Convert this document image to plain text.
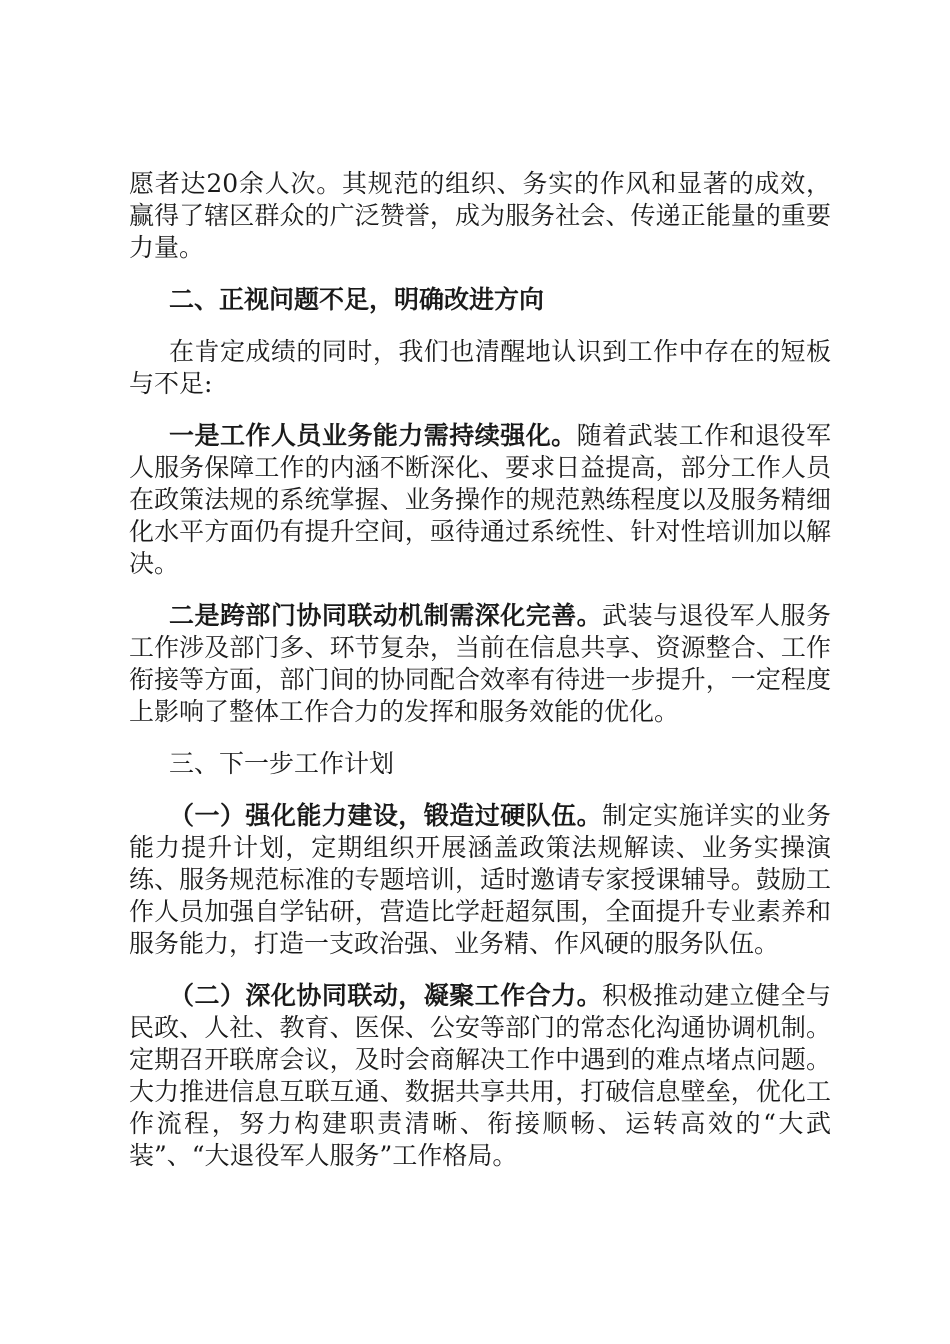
愿者达20余人次。其规范的组织、务实的作风和显著的成效，赢得了辖区群众的广泛赞誉，成为服务社会、传递正能量的重要力量。

二、正视问题不足，明确改进方向

在肯定成绩的同时，我们也清醒地认识到工作中存在的短板与不足:

一是工作人员业务能力需持续强化。随着武装工作和退役军人服务保障工作的内涵不断深化、要求日益提高，部分工作人员在政策法规的系统掌握、业务操作的规范熟练程度以及服务精细化水平方面仍有提升空间，亟待通过系统性、针对性培训加以解决。

二是跨部门协同联动机制需深化完善。武装与退役军人服务工作涉及部门多、环节复杂，当前在信息共享、资源整合、工作衔接等方面，部门间的协同配合效率有待进一步提升，一定程度上影响了整体工作合力的发挥和服务效能的优化。

三、下一步工作计划

（一）强化能力建设，锻造过硬队伍。制定实施详实的业务能力提升计划，定期组织开展涵盖政策法规解读、业务实操演练、服务规范标准的专题培训，适时邀请专家授课辅导。鼓励工作人员加强自学钻研，营造比学赶超氛围，全面提升专业素养和服务能力，打造一支政治强、业务精、作风硬的服务队伍。

（二）深化协同联动，凝聚工作合力。积极推动建立健全与民政、人社、教育、医保、公安等部门的常态化沟通协调机制。定期召开联席会议，及时会商解决工作中遇到的难点堵点问题。大力推进信息互联互通、数据共享共用，打破信息壁垒，优化工作流程，努力构建职责清晰、衔接顺畅、运转高效的“大武装”、“大退役军人服务”工作格局。
